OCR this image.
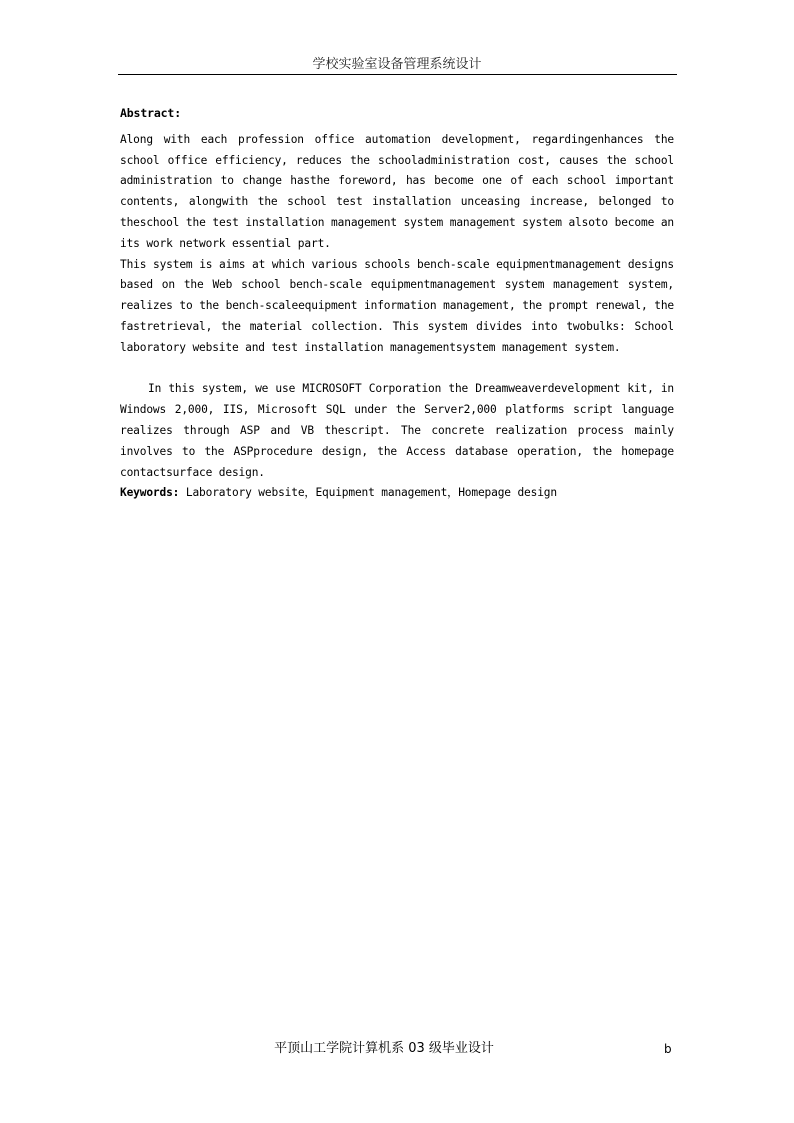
学校实验室设备管理系统设计

Abstract:

Along with each profession office automation development, regardingenhances the school office efficiency, reduces the schooladministration cost, causes the school administration to change hasthe foreword, has become one of each school important contents, alongwith the school test installation unceasing increase, belonged to theschool the test installation management system management system alsoto become an its work network essential part.

This system is aims at which various schools bench-scale equipmentmanagement designs based on the Web school bench-scale equipmentmanagement system management system, realizes to the bench-scaleequipment information management, the prompt renewal, the fastretrieval, the material collection. This system divides into twobulks: School laboratory website and test installation managementsystem management system.

In this system, we use MICROSOFT Corporation the Dreamweaverdevelopment kit, in Windows 2,000, IIS, Microsoft SQL under the Server2,000 platforms script language realizes through ASP and VB thescript. The concrete realization process mainly involves to the ASPprocedure design, the Access database operation, the homepage contactsurface design.

Keywords: Laboratory website，Equipment management，Homepage design

平顶山工学院计算机系 03 级毕业设计	b
